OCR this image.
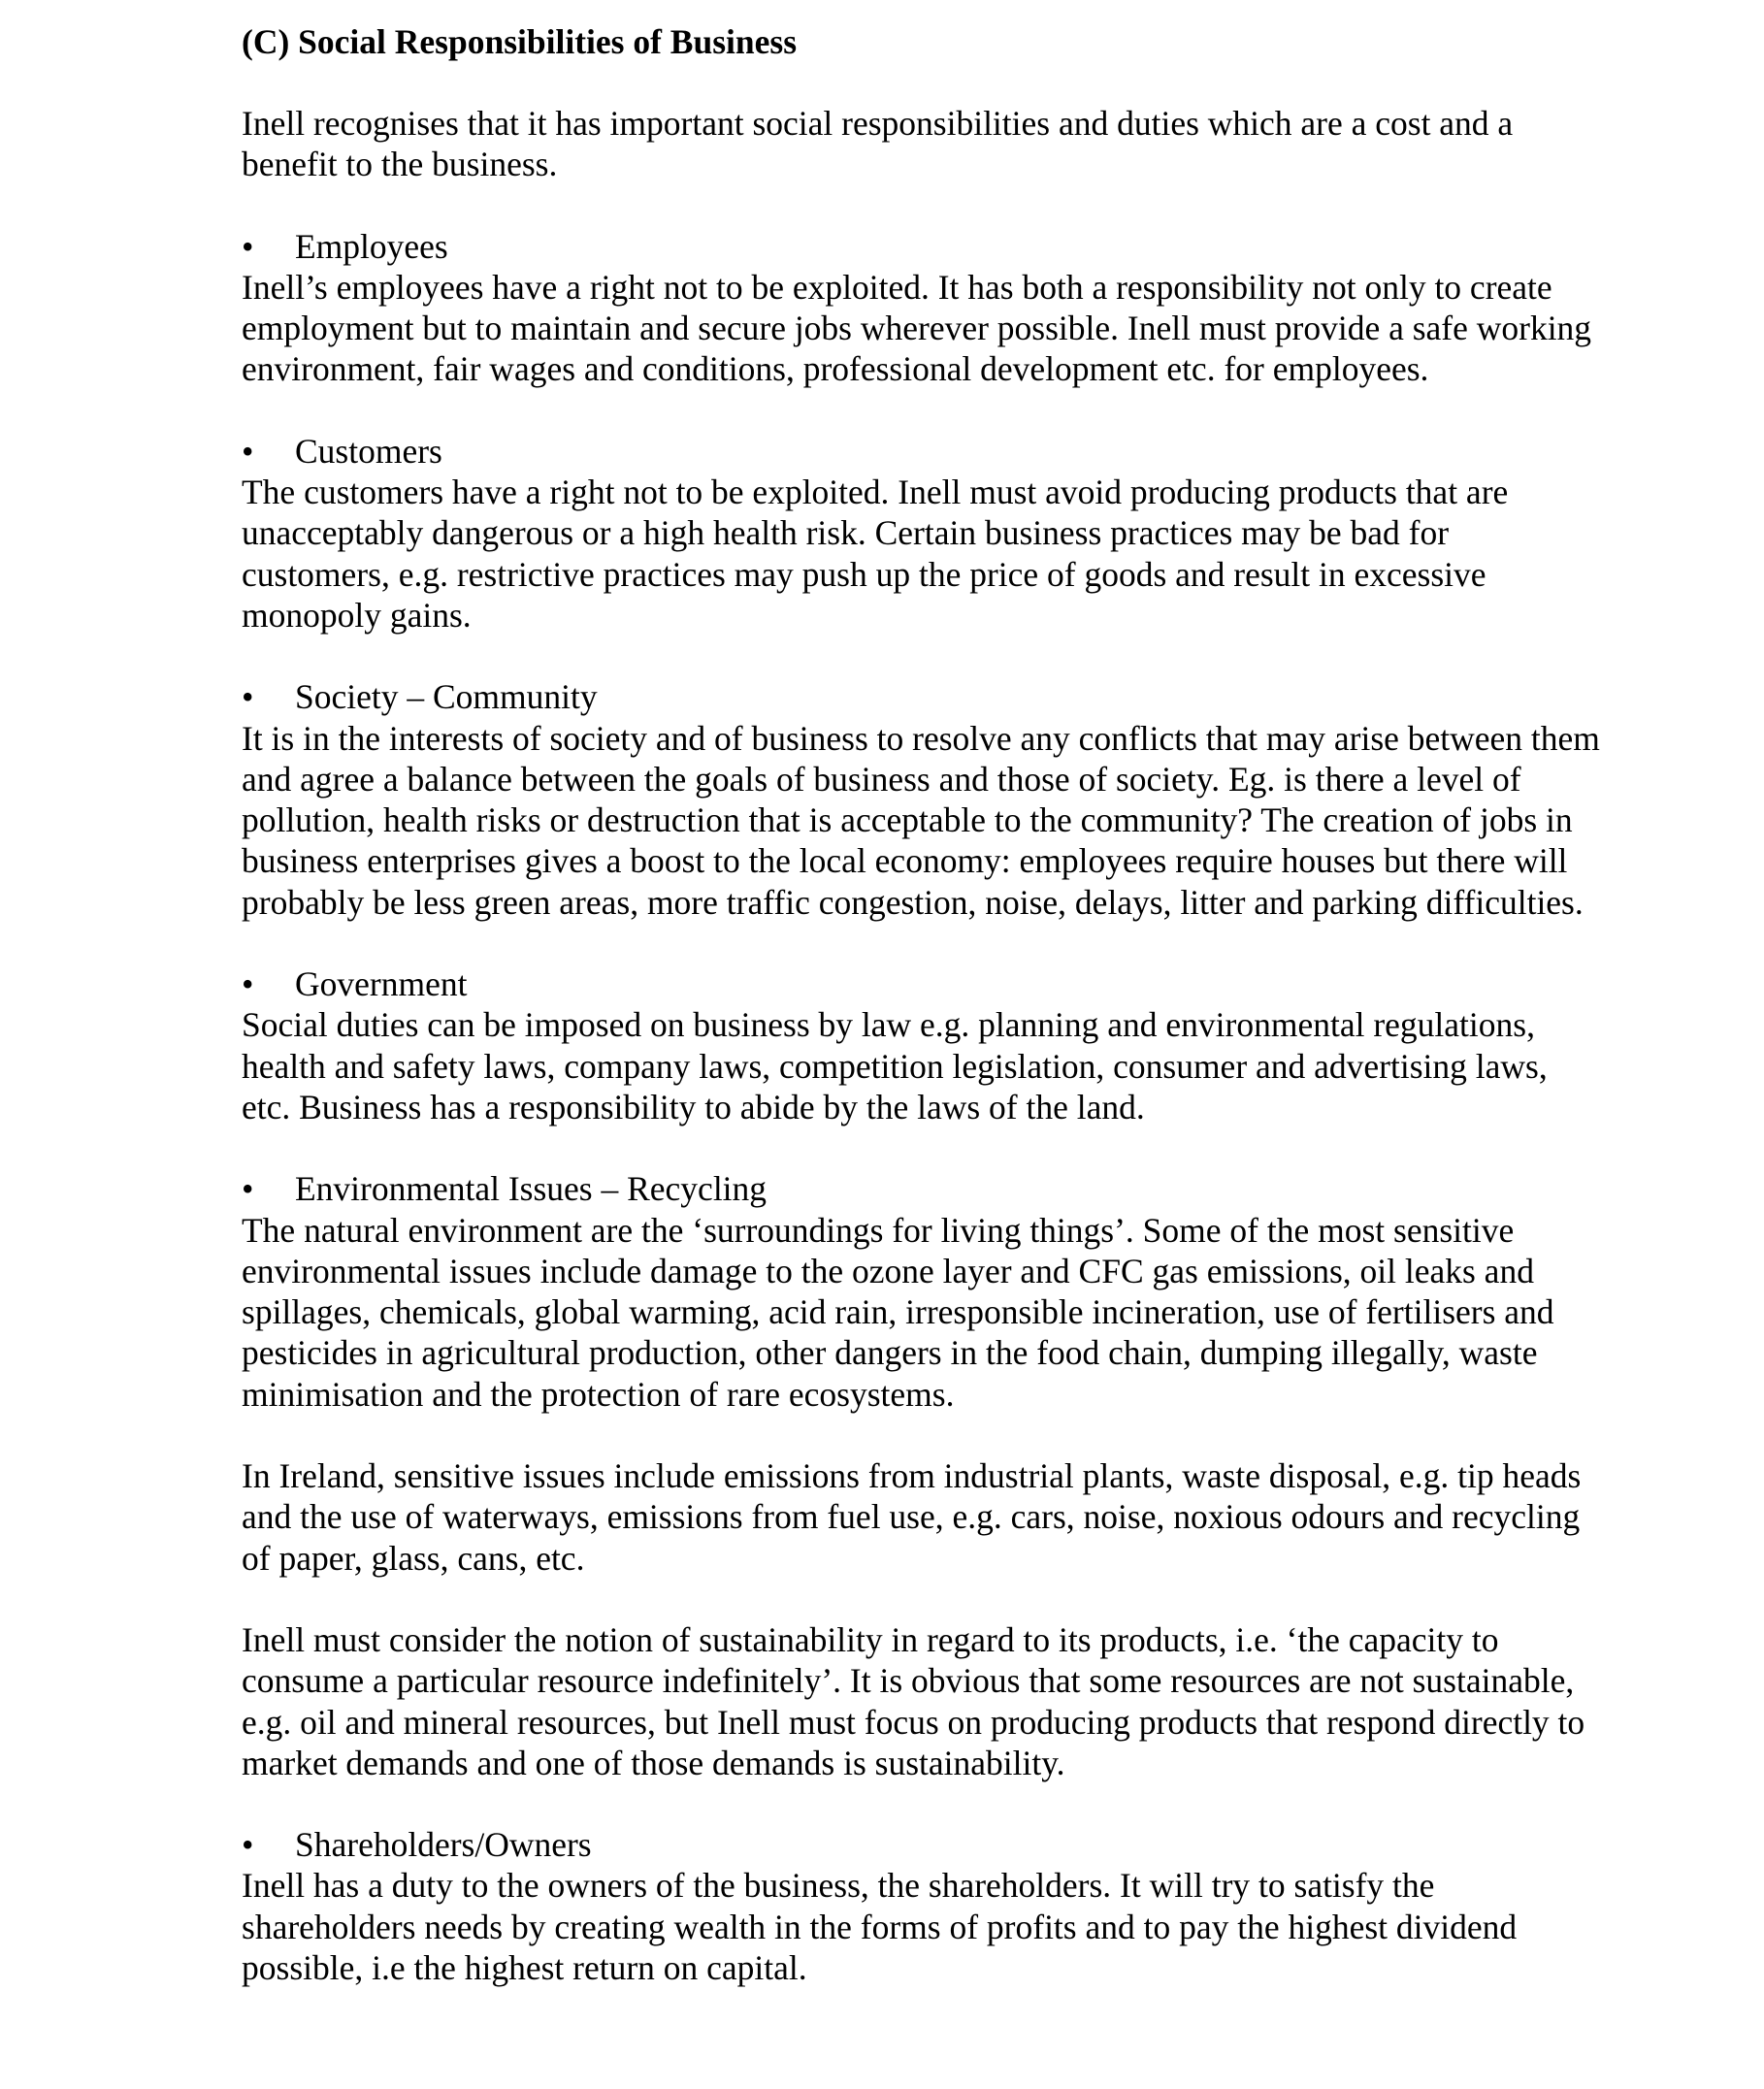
(C) Social Responsibilities of Business

Inell recognises that it has important social responsibilities and duties which are a cost and a benefit to the business.

•	Employees

Inell’s employees have a right not to be exploited. It has both a responsibility not only to create employment but to maintain and secure jobs wherever possible. Inell must provide a safe working environment, fair wages and conditions, professional development etc. for employees.

•	Customers

The customers have a right not to be exploited. Inell must avoid producing products that are unacceptably dangerous or a high health risk. Certain business practices may be bad for customers, e.g. restrictive practices may push up the price of goods and result in excessive monopoly gains.

•	Society – Community

It is in the interests of society and of business to resolve any conflicts that may arise between them and agree a balance between the goals of business and those of society. Eg. is there a level of pollution, health risks or destruction that is acceptable to the community? The creation of jobs in business enterprises gives a boost to the local economy: employees require houses but there will probably be less green areas, more traffic congestion, noise, delays, litter and parking difficulties.

•	Government

Social duties can be imposed on business by law e.g. planning and environmental regulations, health and safety laws, company laws, competition legislation, consumer and advertising laws, etc. Business has a responsibility to abide by the laws of the land.

•	Environmental Issues – Recycling

The natural environment are the ‘surroundings for living things’. Some of the most sensitive environmental issues include damage to the ozone layer and CFC gas emissions, oil leaks and spillages, chemicals, global warming, acid rain, irresponsible incineration, use of fertilisers and pesticides in agricultural production, other dangers in the food chain, dumping illegally, waste minimisation and the protection of rare ecosystems.

In Ireland, sensitive issues include emissions from industrial plants, waste disposal, e.g. tip heads and the use of waterways, emissions from fuel use, e.g. cars, noise, noxious odours and recycling of paper, glass, cans, etc.

Inell must consider the notion of sustainability in regard to its products, i.e. ‘the capacity to consume a particular resource indefinitely’. It is obvious that some resources are not sustainable, e.g. oil and mineral resources, but Inell must focus on producing products that respond directly to market demands and one of those demands is sustainability.

•	Shareholders/Owners

Inell has a duty to the owners of the business, the shareholders. It will try to satisfy the shareholders needs by creating wealth in the forms of profits and to pay the highest dividend possible, i.e the highest return on capital.
